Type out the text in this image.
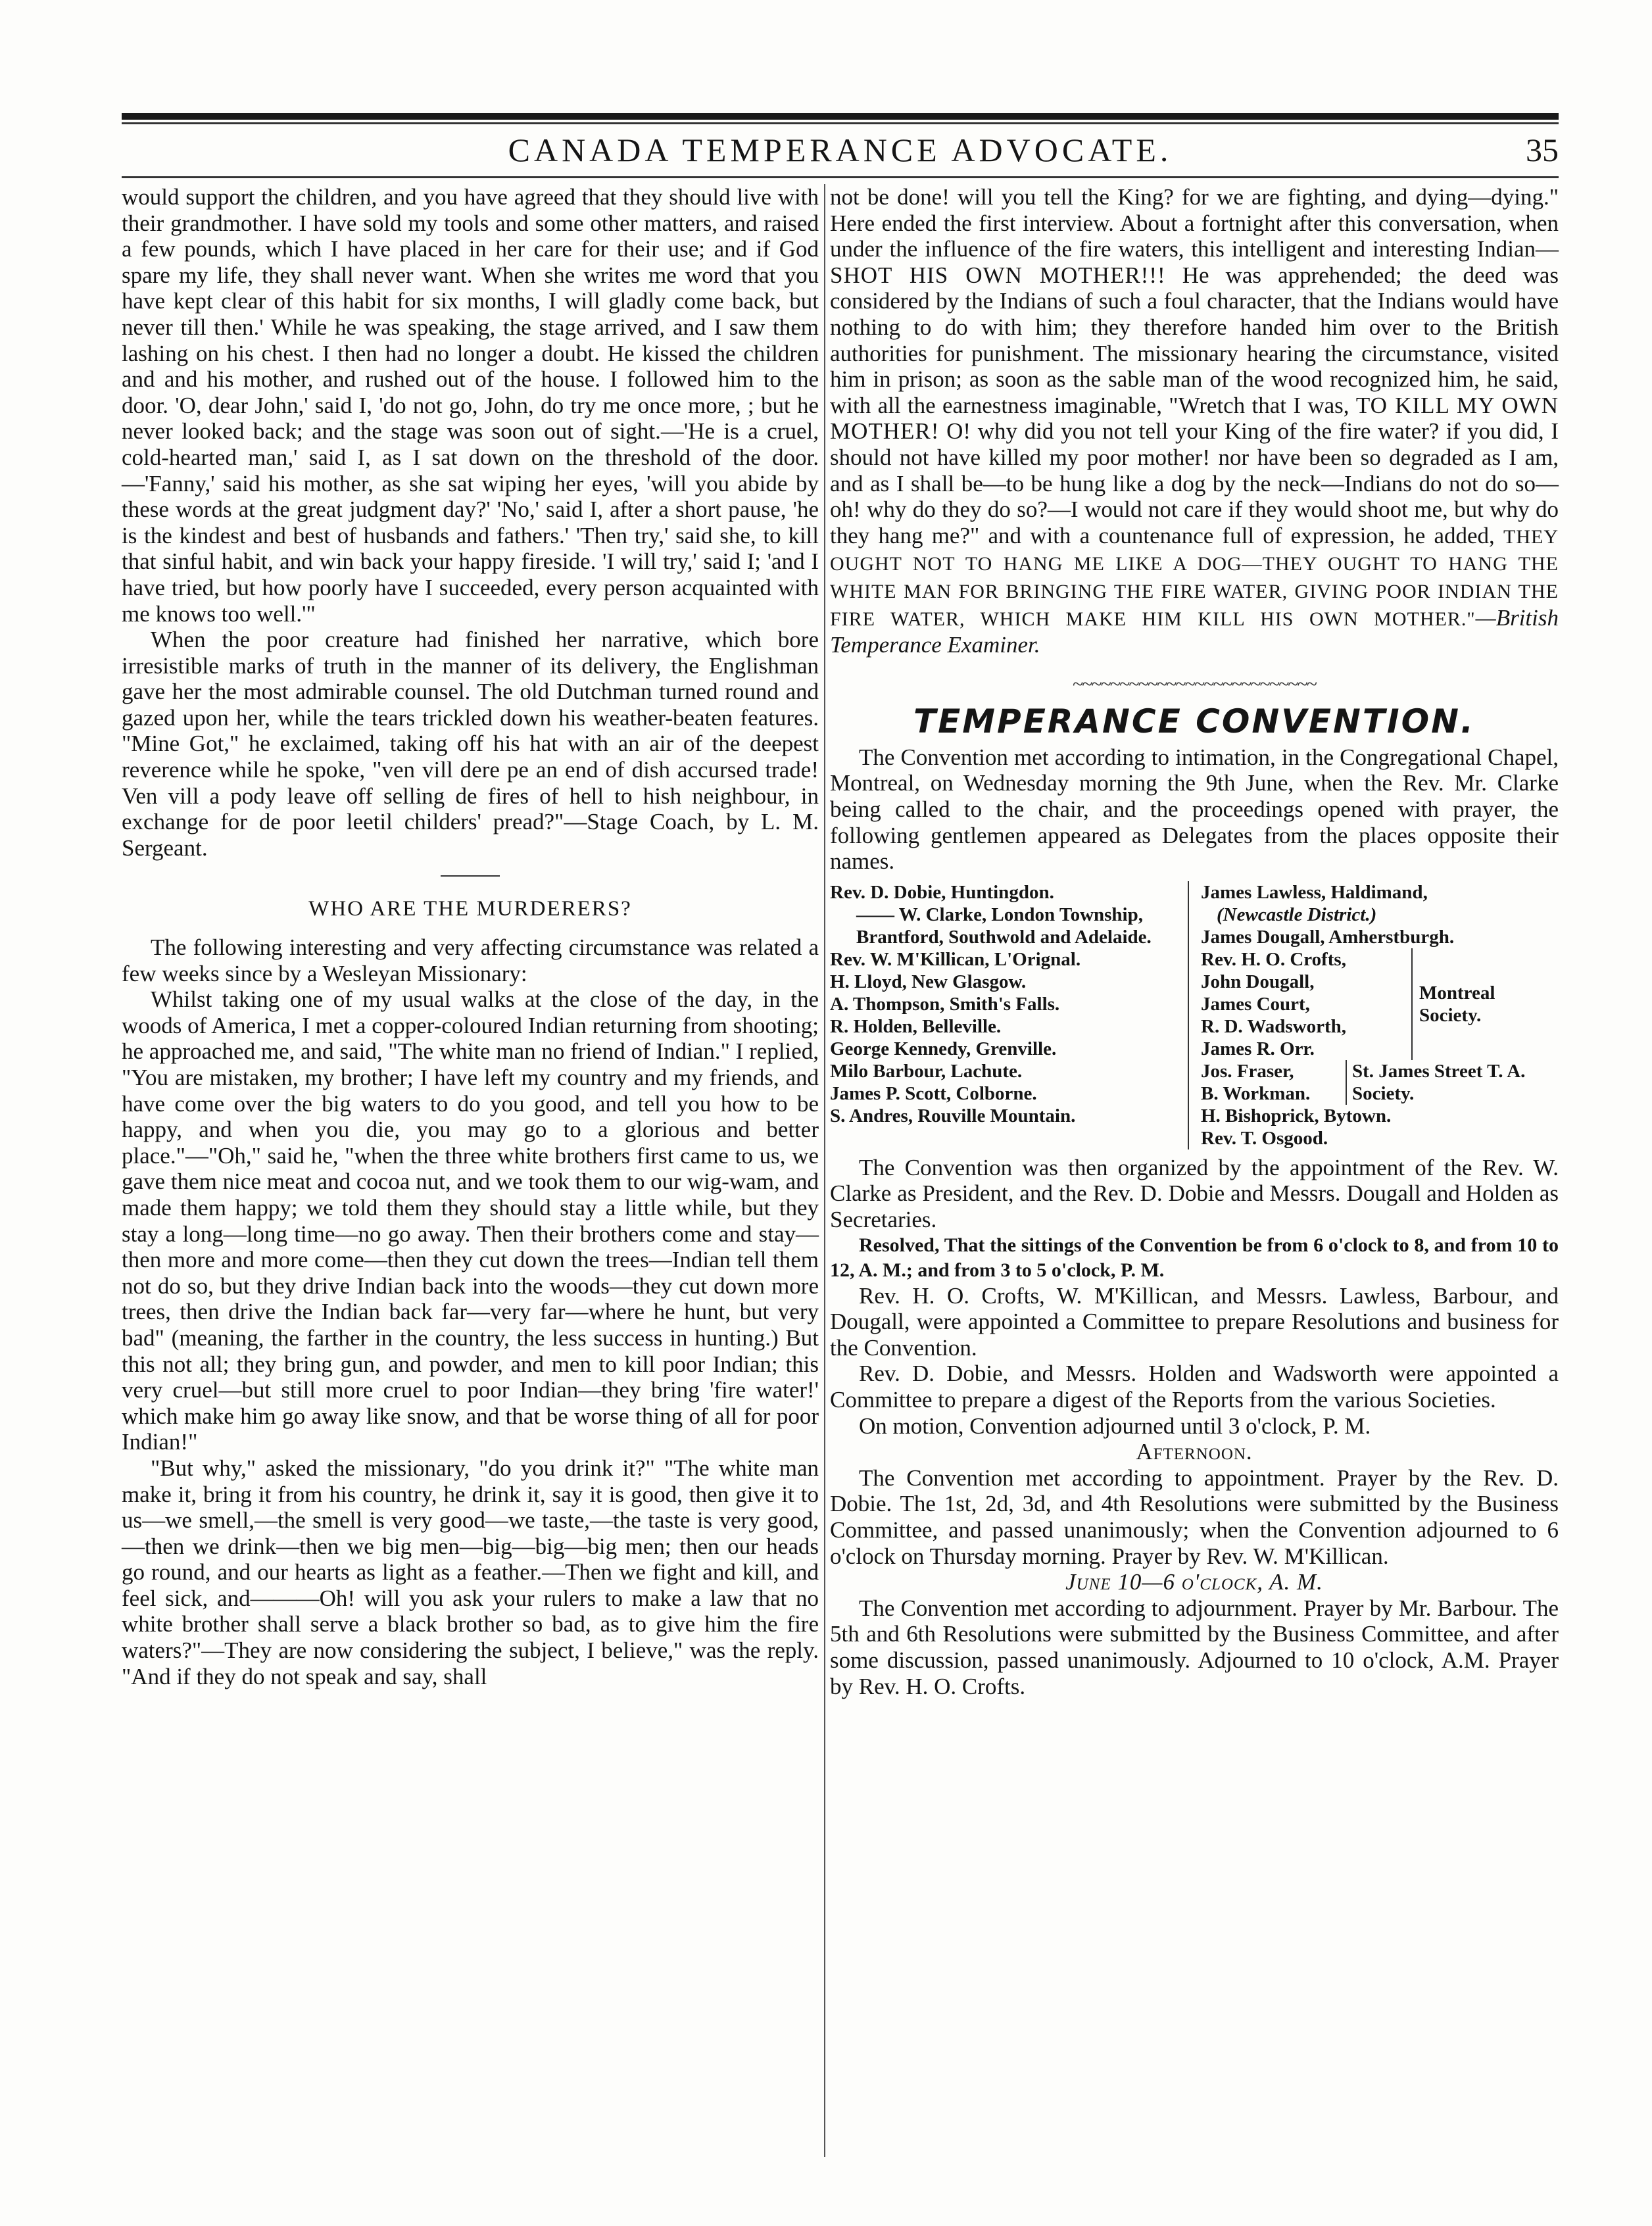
CANADA TEMPERANCE ADVOCATE.	35

would support the children, and you have agreed that they should live with their grandmother. I have sold my tools and some other matters, and raised a few pounds, which I have placed in her care for their use; and if God spare my life, they shall never want. When she writes me word that you have kept clear of this habit for six months, I will gladly come back, but never till then.' While he was speaking, the stage arrived, and I saw them lashing on his chest. I then had no longer a doubt. He kissed the children and and his mother, and rushed out of the house. I followed him to the door. 'O, dear John,' said I, 'do not go, John, do try me once more, ; but he never looked back; and the stage was soon out of sight.—'He is a cruel, cold-hearted man,' said I, as I sat down on the threshold of the door.—'Fanny,' said his mother, as she sat wiping her eyes, 'will you abide by these words at the great judgment day?' 'No,' said I, after a short pause, 'he is the kindest and best of husbands and fathers.' 'Then try,' said she, to kill that sinful habit, and win back your happy fireside. 'I will try,' said I; 'and I have tried, but how poorly have I succeeded, every person acquainted with me knows too well.'"

When the poor creature had finished her narrative, which bore irresistible marks of truth in the manner of its delivery, the Englishman gave her the most admirable counsel. The old Dutchman turned round and gazed upon her, while the tears trickled down his weather-beaten features. "Mine Got," he exclaimed, taking off his hat with an air of the deepest reverence while he spoke, "ven vill dere pe an end of dish accursed trade! Ven vill a pody leave off selling de fires of hell to hish neighbour, in exchange for de poor leetil childers' pread?"—Stage Coach, by L. M. Sergeant.

WHO ARE THE MURDERERS?

The following interesting and very affecting circumstance was related a few weeks since by a Wesleyan Missionary:

Whilst taking one of my usual walks at the close of the day, in the woods of America, I met a copper-coloured Indian returning from shooting; he approached me, and said, "The white man no friend of Indian." I replied, "You are mistaken, my brother; I have left my country and my friends, and have come over the big waters to do you good, and tell you how to be happy, and when you die, you may go to a glorious and better place."—"Oh," said he, "when the three white brothers first came to us, we gave them nice meat and cocoa nut, and we took them to our wig-wam, and made them happy; we told them they should stay a little while, but they stay a long—long time—no go away. Then their brothers come and stay—then more and more come—then they cut down the trees—Indian tell them not do so, but they drive Indian back into the woods—they cut down more trees, then drive the Indian back far—very far—where he hunt, but very bad" (meaning, the farther in the country, the less success in hunting.) But this not all; they bring gun, and powder, and men to kill poor Indian; this very cruel—but still more cruel to poor Indian—they bring 'fire water!' which make him go away like snow, and that be worse thing of all for poor Indian!"

"But why," asked the missionary, "do you drink it?" "The white man make it, bring it from his country, he drink it, say it is good, then give it to us—we smell,—the smell is very good—we taste,—the taste is very good,—then we drink—then we big men—big—big—big men; then our heads go round, and our hearts as light as a feather.—Then we fight and kill, and feel sick, and———Oh! will you ask your rulers to make a law that no white brother shall serve a black brother so bad, as to give him the fire waters?"—They are now considering the subject, I believe," was the reply. "And if they do not speak and say, shall

not be done! will you tell the King? for we are fighting, and dying—dying." Here ended the first interview. About a fortnight after this conversation, when under the influence of the fire waters, this intelligent and interesting Indian— SHOT HIS OWN MOTHER!!! He was apprehended; the deed was considered by the Indians of such a foul character, that the Indians would have nothing to do with him; they therefore handed him over to the British authorities for punishment. The missionary hearing the circumstance, visited him in prison; as soon as the sable man of the wood recognized him, he said, with all the earnestness imaginable, "Wretch that I was, TO KILL MY OWN MOTHER! O! why did you not tell your King of the fire water? if you did, I should not have killed my poor mother! nor have been so degraded as I am, and as I shall be—to be hung like a dog by the neck—Indians do not do so—oh! why do they do so?—I would not care if they would shoot me, but why do they hang me?" and with a countenance full of expression, he added, THEY OUGHT NOT TO HANG ME LIKE A DOG—THEY OUGHT TO HANG THE WHITE MAN FOR BRINGING THE FIRE WATER, GIVING POOR INDIAN THE FIRE WATER, WHICH MAKE HIM KILL HIS OWN MOTHER."—British Temperance Examiner.

~~~~~~~~~~~~~~~~~~~~~~~~~~
TEMPERANCE CONVENTION.

The Convention met according to intimation, in the Congregational Chapel, Montreal, on Wednesday morning the 9th June, when the Rev. Mr. Clarke being called to the chair, and the proceedings opened with prayer, the following gentlemen appeared as Delegates from the places opposite their names.

Rev. D. Dobie, Huntingdon.

—— W. Clarke, London Township, Brantford, Southwold and Adelaide.

Rev. W. M'Killican, L'Orignal.

H. Lloyd, New Glasgow.

A. Thompson, Smith's Falls.

R. Holden, Belleville.

George Kennedy, Grenville.

Milo Barbour, Lachute.

James P. Scott, Colborne.

S. Andres, Rouville Mountain.

James Lawless, Haldimand,

(Newcastle District.)

James Dougall, Amherstburgh.

Rev. H. O. Crofts,

John Dougall,

James Court,

R. D. Wadsworth,

James R. Orr.

Montreal Society.

Jos. Fraser,

B. Workman.

St. James Street T. A. Society.

H. Bishoprick, Bytown.

Rev. T. Osgood.

The Convention was then organized by the appointment of the Rev. W. Clarke as President, and the Rev. D. Dobie and Messrs. Dougall and Holden as Secretaries.

Resolved, That the sittings of the Convention be from 6 o'clock to 8, and from 10 to 12, A. M.; and from 3 to 5 o'clock, P. M.

Rev. H. O. Crofts, W. M'Killican, and Messrs. Lawless, Barbour, and Dougall, were appointed a Committee to prepare Resolutions and business for the Convention.

Rev. D. Dobie, and Messrs. Holden and Wadsworth were appointed a Committee to prepare a digest of the Reports from the various Societies.

On motion, Convention adjourned until 3 o'clock, P. M.

Afternoon.

The Convention met according to appointment. Prayer by the Rev. D. Dobie. The 1st, 2d, 3d, and 4th Resolutions were submitted by the Business Committee, and passed unanimously; when the Convention adjourned to 6 o'clock on Thursday morning. Prayer by Rev. W. M'Killican.

June 10—6 o'clock, A. M.

The Convention met according to adjournment. Prayer by Mr. Barbour. The 5th and 6th Resolutions were submitted by the Business Committee, and after some discussion, passed unanimously. Adjourned to 10 o'clock, A.M. Prayer by Rev. H. O. Crofts.
